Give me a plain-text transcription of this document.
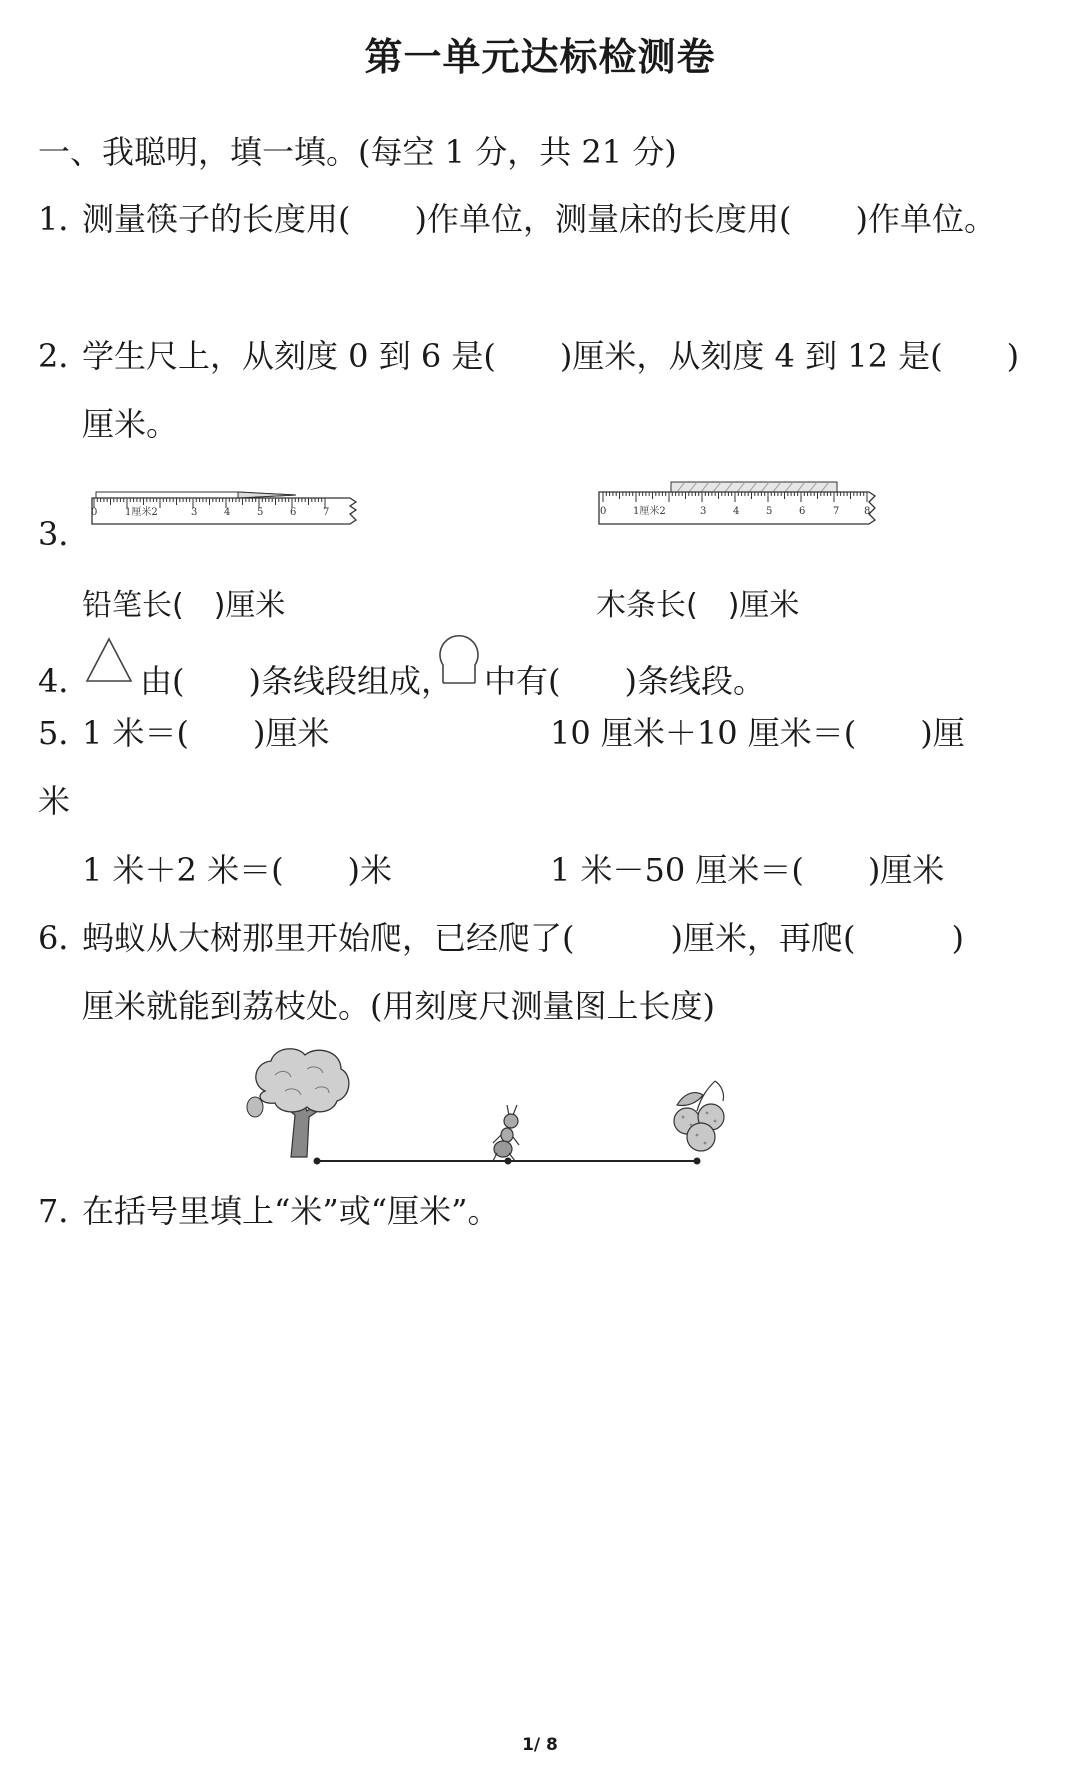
第一单元达标检测卷
一、我聪明，填一填。(每空 1 分，共 21 分)
1．
测量筷子的长度用(　　)作单位，测量床的长度用(　　)作单位。
2．
学生尺上，从刻度 0 到 6 是(　　)厘米，从刻度 4 到 12 是(　　)
厘米。
3．
0	1厘米2	3	4	5	6	7	0	1厘米2	3	4	5	6	7 8
铅笔长(　)厘米	木条长(　)厘米
4． 由(　　)条线段组成， 中有(　　)条线段。
5．
1 米＝(　　)厘米	10 厘米＋10 厘米＝(　　)厘
米
1 米＋2 米＝(　　)米	1 米－50 厘米＝(　　)厘米
6．
蚂蚁从大树那里开始爬，已经爬了(　　　)厘米，再爬(　　　)
厘米就能到荔枝处。(用刻度尺测量图上长度)
7．
在括号里填上“米”或“厘米”。
1/ 8
